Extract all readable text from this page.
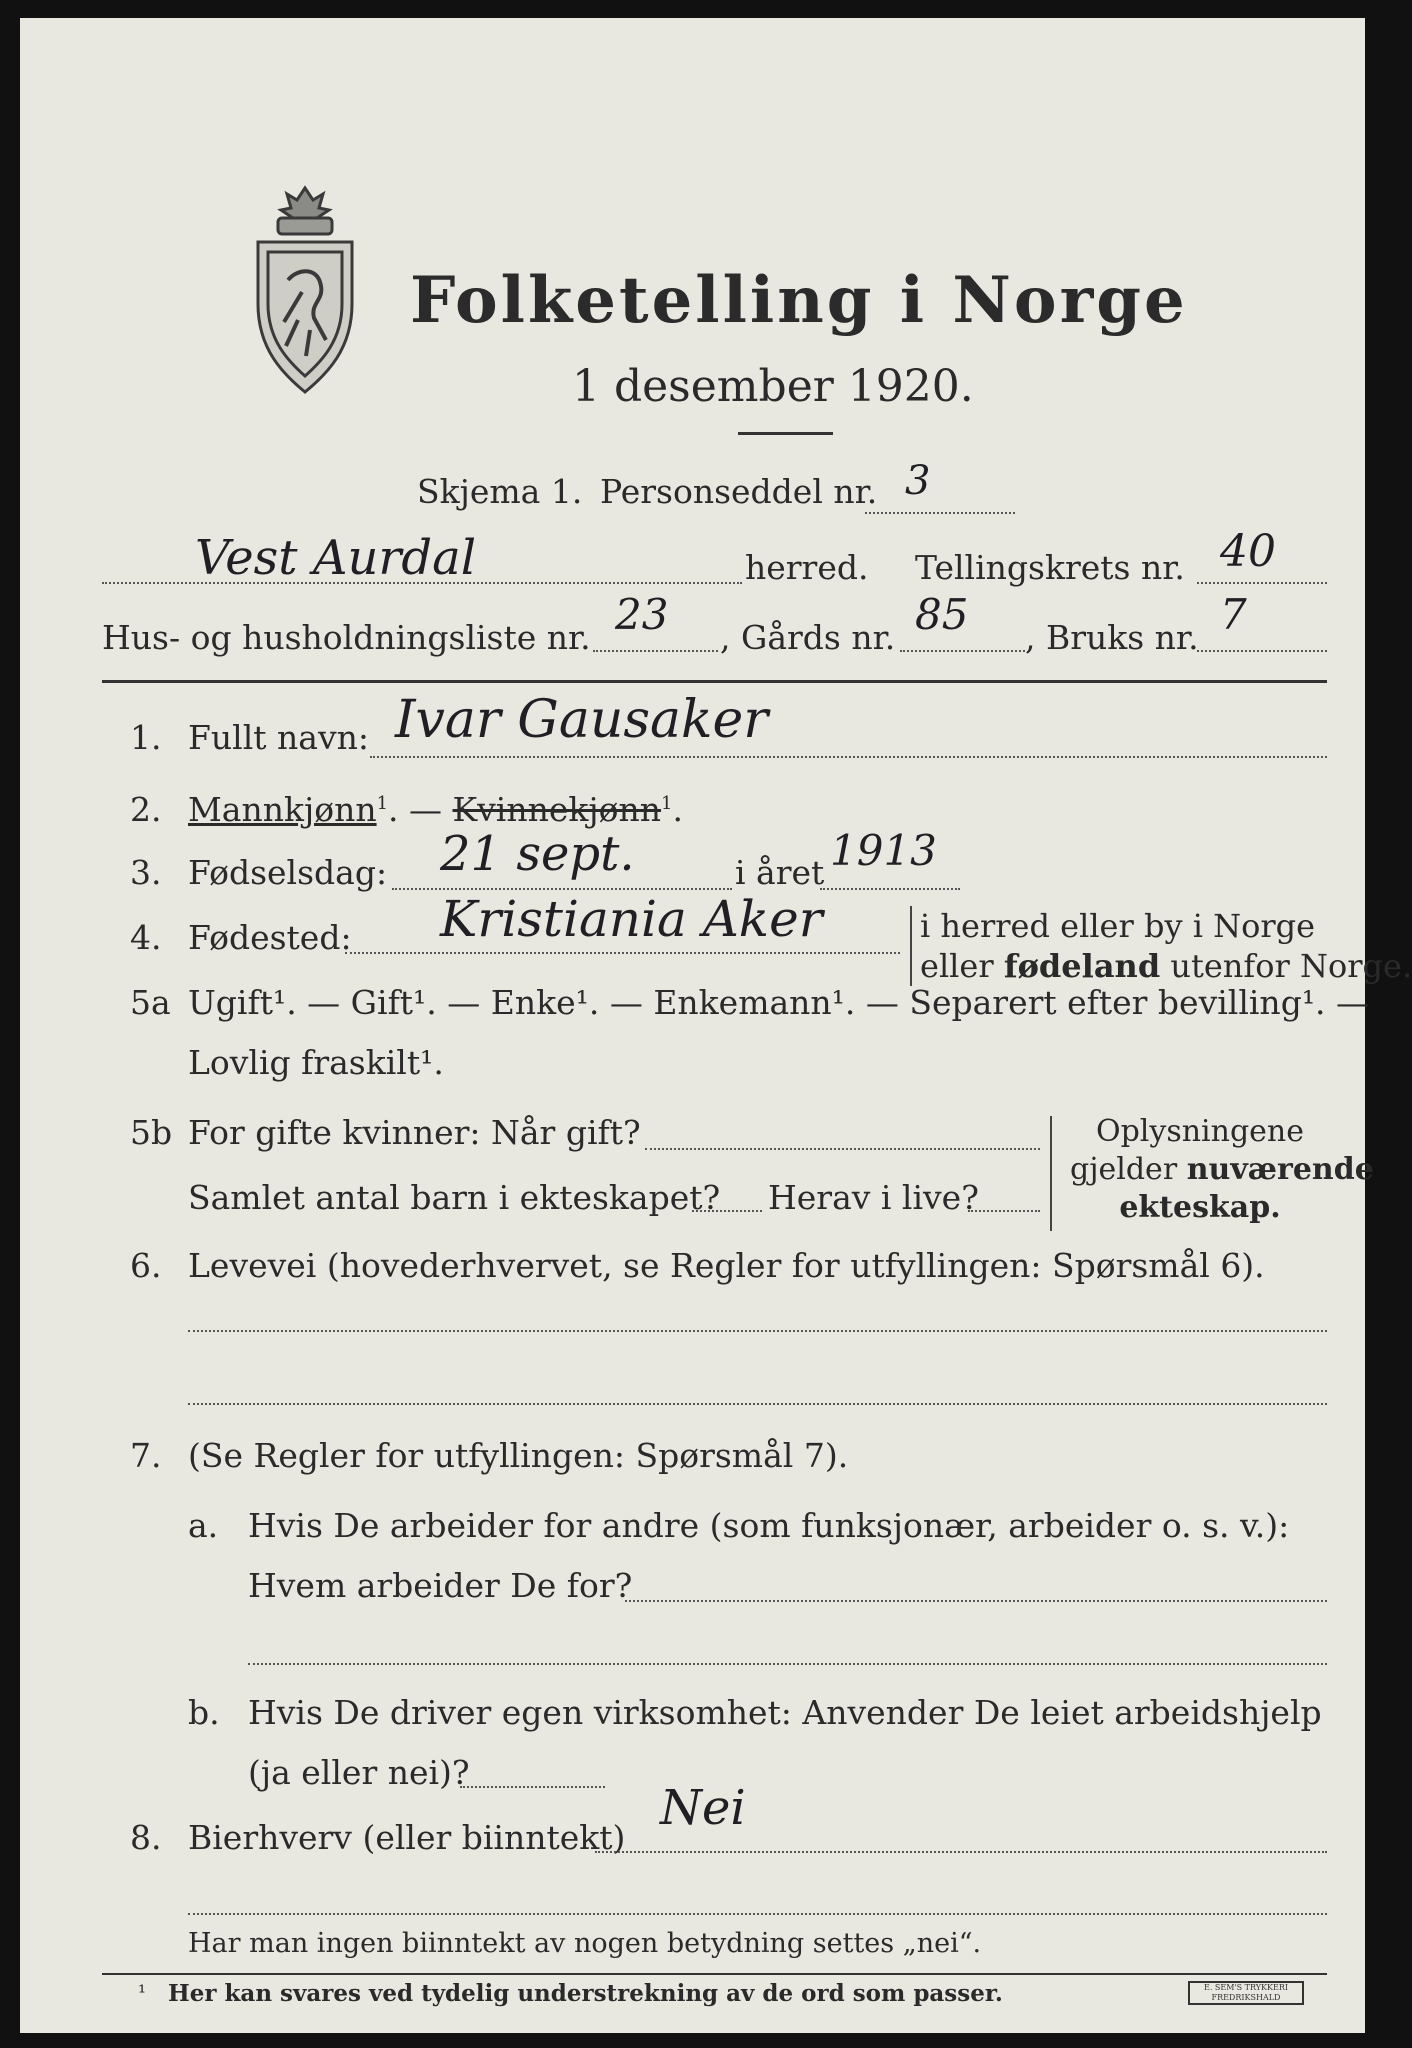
Folketelling i Norge
1 desember 1920.
Skjema 1. Personseddel nr. 3
Vest Aurdal	herred. Tellingskrets nr. 40
Hus- og husholdningsliste nr. 23 , Gårds nr. 85 , Bruks nr. 7
1. Fullt navn: Ivar Gausaker
2. Mannkjønn$^1$. — Kvinnekjønn$^1$.
3. Fødselsdag: 21 sept.	i året 1913
4. Fødested: Kristiania Aker	i herred eller by i Norge
eller fødeland utenfor Norge.
5a Ugift¹. — Gift¹. — Enke¹. — Enkemann¹. — Separert efter bevilling¹. —
Lovlig fraskilt¹.
5b For gifte kvinner: Når gift?
Samlet antal barn i ekteskapet? Herav i live?
Oplysningene
gjelder nuværende
ekteskap.
6. Levevei (hovederhvervet, se Regler for utfyllingen: Spørsmål 6).
7. (Se Regler for utfyllingen: Spørsmål 7).
a. Hvis De arbeider for andre (som funksjonær, arbeider o. s. v.):
Hvem arbeider De for?
b. Hvis De driver egen virksomhet: Anvender De leiet arbeidshjelp
(ja eller nei)?
8. Bierhverv (eller biinntekt)
Nei
Har man ingen biinntekt av nogen betydning settes „nei“.
¹ Her kan svares ved tydelig understrekning av de ord som passer.	E. SEM'S TRYKKERI FREDRIKSHALD
